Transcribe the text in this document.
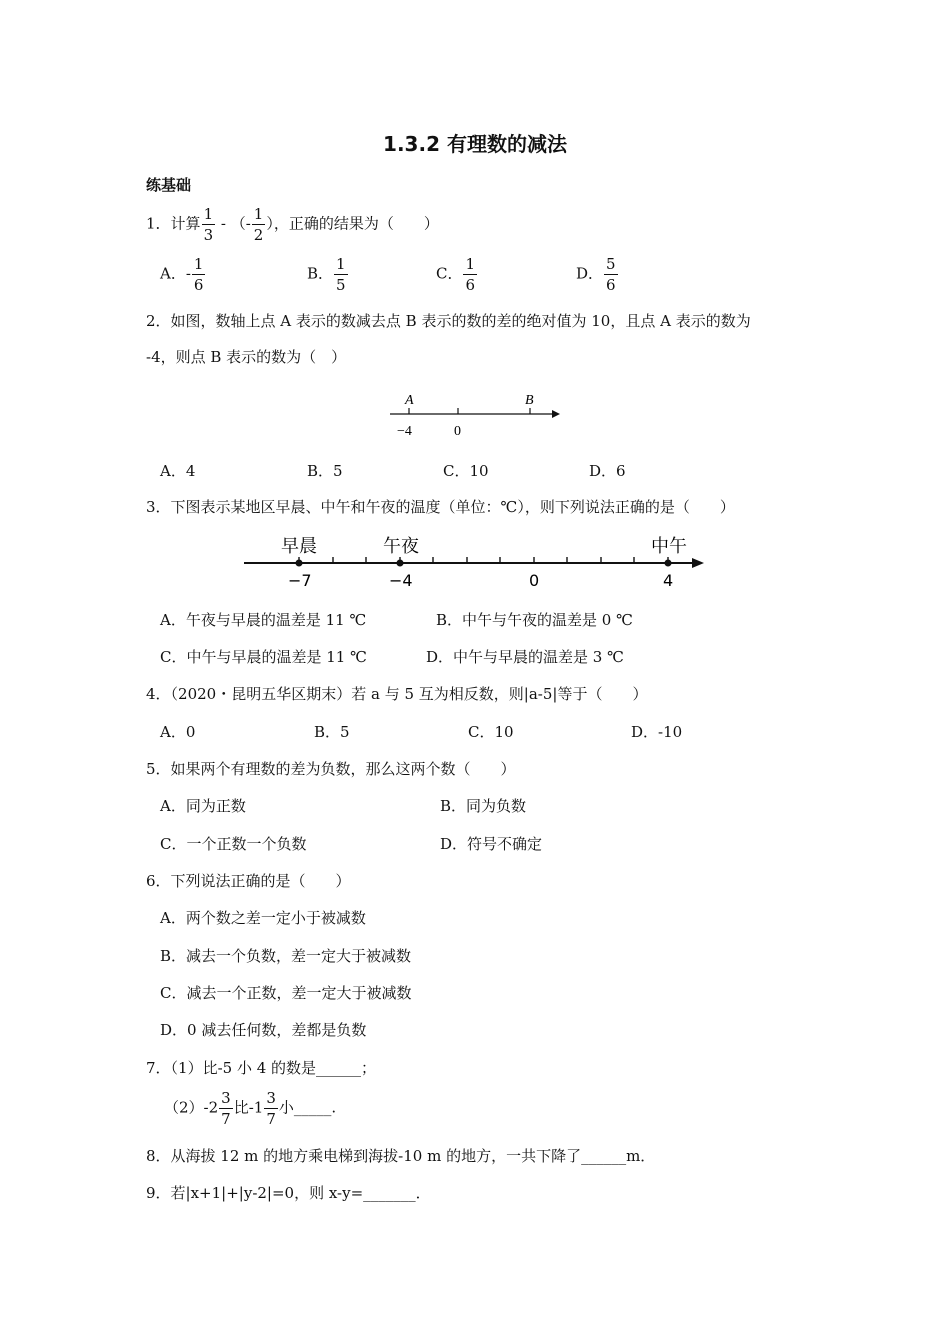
1.3.2 有理数的减法
练基础
1．计算 $\frac{1}{3}$ - （- $\frac{1}{2}$ ），正确的结果为（　　）
A．- $\frac{1}{6}$	B． $\frac{1}{5}$	C． $\frac{1}{6}$	D． $\frac{5}{6}$
2．如图，数轴上点 A 表示的数减去点 B 表示的数的差的绝对值为 10，且点 A 表示的数为
-4，则点 B 表示的数为（　）
A	B
−4	0
A．4	B．5	C．10	D．6
3．下图表示某地区早晨、中午和午夜的温度（单位：℃），则下列说法正确的是（　　）
早晨	午夜	中午
−7	−4	0	4
A．午夜与早晨的温差是 11 ℃	B．中午与午夜的温差是 0 ℃
C．中午与早晨的温差是 11 ℃	D．中午与早晨的温差是 3 ℃
4．（2020・昆明五华区期末）若 a 与 5 互为相反数，则|a-5|等于（　　）
A．0	B．5	C．10	D．-10
5．如果两个有理数的差为负数，那么这两个数（　　）
A．同为正数	B．同为负数
C．一个正数一个负数	D．符号不确定
6．下列说法正确的是（　　）
A．两个数之差一定小于被减数
B．减去一个负数，差一定大于被减数
C．减去一个正数，差一定大于被减数
D．0 减去任何数，差都是负数
7．（1）比-5 小 4 的数是______；
$(2)-2 \frac{3}{7}$ 比$-1 \frac{3}{7}$ 小_____.
8．从海拔 12 m 的地方乘电梯到海拔-10 m 的地方，一共下降了______m．
9．若|x+1|+|y-2|=0，则 x-y=_______．
